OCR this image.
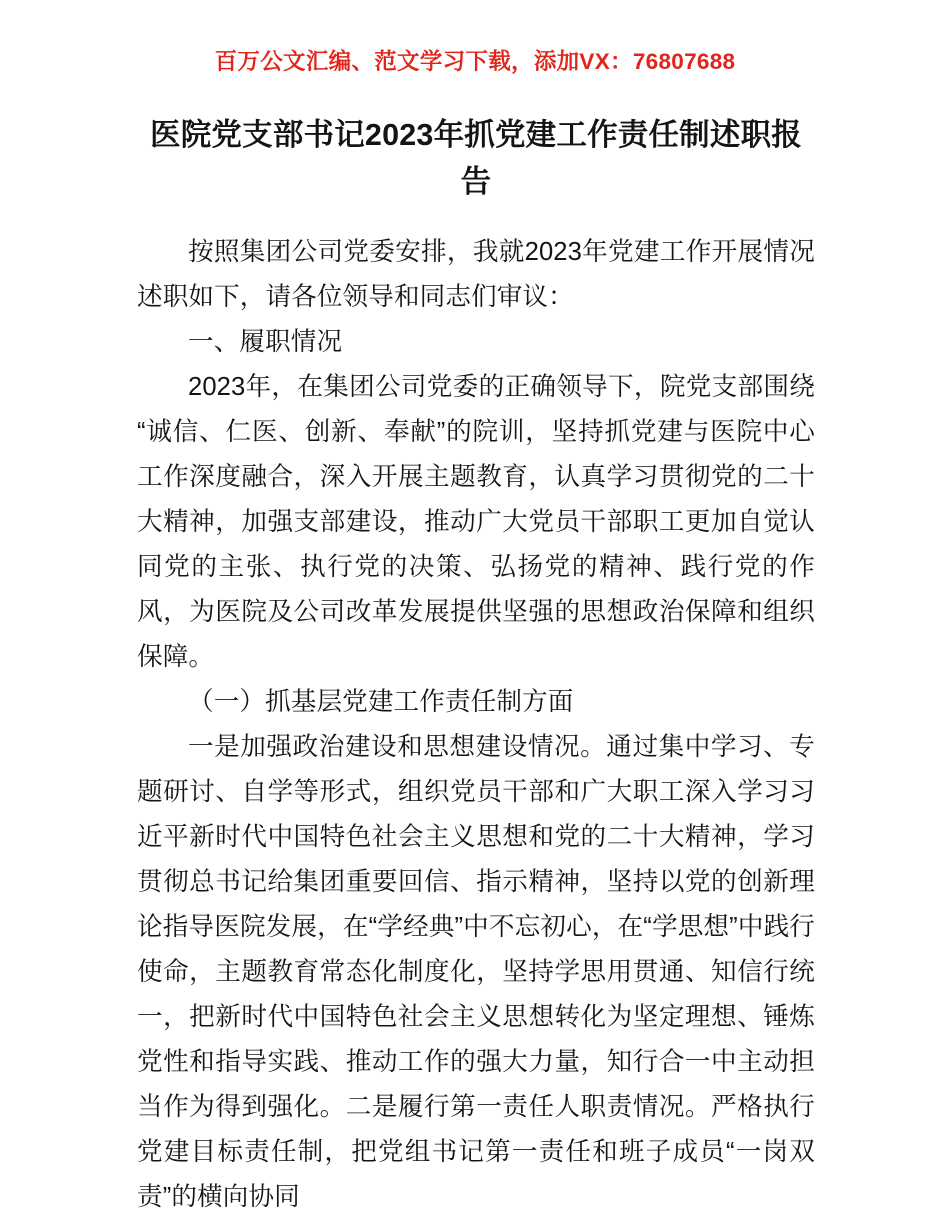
百万公文汇编、范文学习下载，添加VX：76807688
医院党支部书记2023年抓党建工作责任制述职报告

按照集团公司党委安排，我就2023年党建工作开展情况述职如下，请各位领导和同志们审议：

一、履职情况

2023年，在集团公司党委的正确领导下，院党支部围绕“诚信、仁医、创新、奉献”的院训，坚持抓党建与医院中心工作深度融合，深入开展主题教育，认真学习贯彻党的二十大精神，加强支部建设，推动广大党员干部职工更加自觉认同党的主张、执行党的决策、弘扬党的精神、践行党的作风，为医院及公司改革发展提供坚强的思想政治保障和组织保障。

（一）抓基层党建工作责任制方面

一是加强政治建设和思想建设情况。通过集中学习、专题研讨、自学等形式，组织党员干部和广大职工深入学习习近平新时代中国特色社会主义思想和党的二十大精神，学习贯彻总书记给集团重要回信、指示精神，坚持以党的创新理论指导医院发展，在“学经典”中不忘初心，在“学思想”中践行使命，主题教育常态化制度化，坚持学思用贯通、知信行统一，把新时代中国特色社会主义思想转化为坚定理想、锤炼党性和指导实践、推动工作的强大力量，知行合一中主动担当作为得到强化。二是履行第一责任人职责情况。严格执行党建目标责任制，把党组书记第一责任和班子成员“一岗双责”的横向协同
